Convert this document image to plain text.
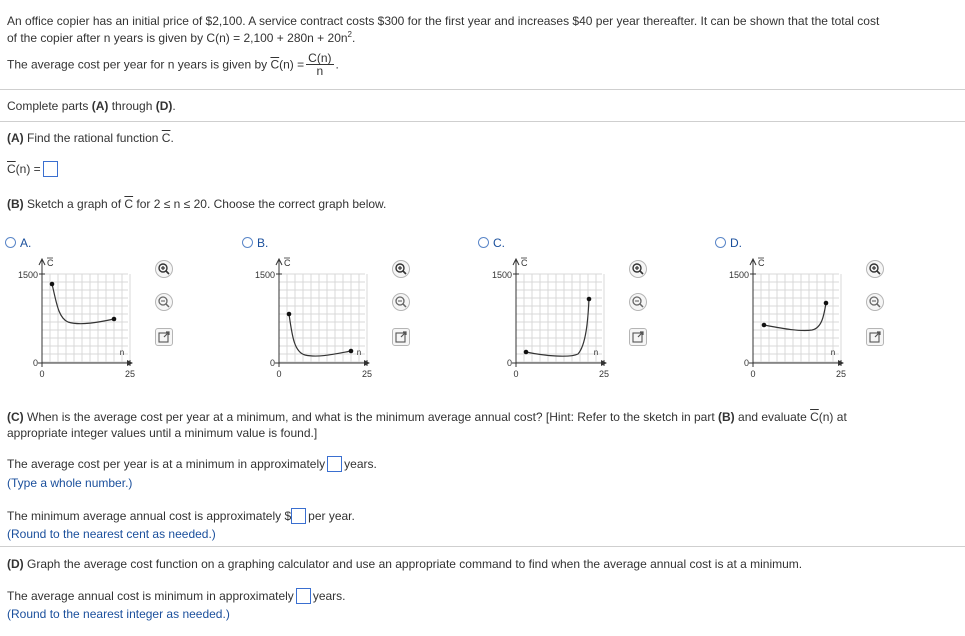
An office copier has an initial price of $2,100. A service contract costs $300 for the first year and increases $40 per year thereafter. It can be shown that the total cost
of the copier after n years is given by $C(n) = 2,100 + 280n + 20n^2$.
The average cost per year for n years is given by $\overline{C}(n) = \frac{C(n)}{n}$ .
Complete parts (A) through (D).
(A) Find the rational function $\overline{C}$.
$\overline{C}(n)$ =
(B) Sketch a graph of $\overline{C}$ for 2 ≤ n ≤ 20. Choose the correct graph below.
A.
1500
0
0	25
n
C
B.
1500
0
0	25
n
C
C.
1500
0
0	25
n
C
D.
1500
0
0	25
n
C
(C) When is the average cost per year at a minimum, and what is the minimum average annual cost? [Hint: Refer to the sketch in part (B) and evaluate $\overline{C}(n)$ at
appropriate integer values until a minimum value is found.]
The average cost per year is at a minimum in approximately years.
(Type a whole number.)
The minimum average annual cost is approximately $ per year.
(Round to the nearest cent as needed.)
(D) Graph the average cost function on a graphing calculator and use an appropriate command to find when the average annual cost is at a minimum.
The average annual cost is minimum in approximately years.
(Round to the nearest integer as needed.)
